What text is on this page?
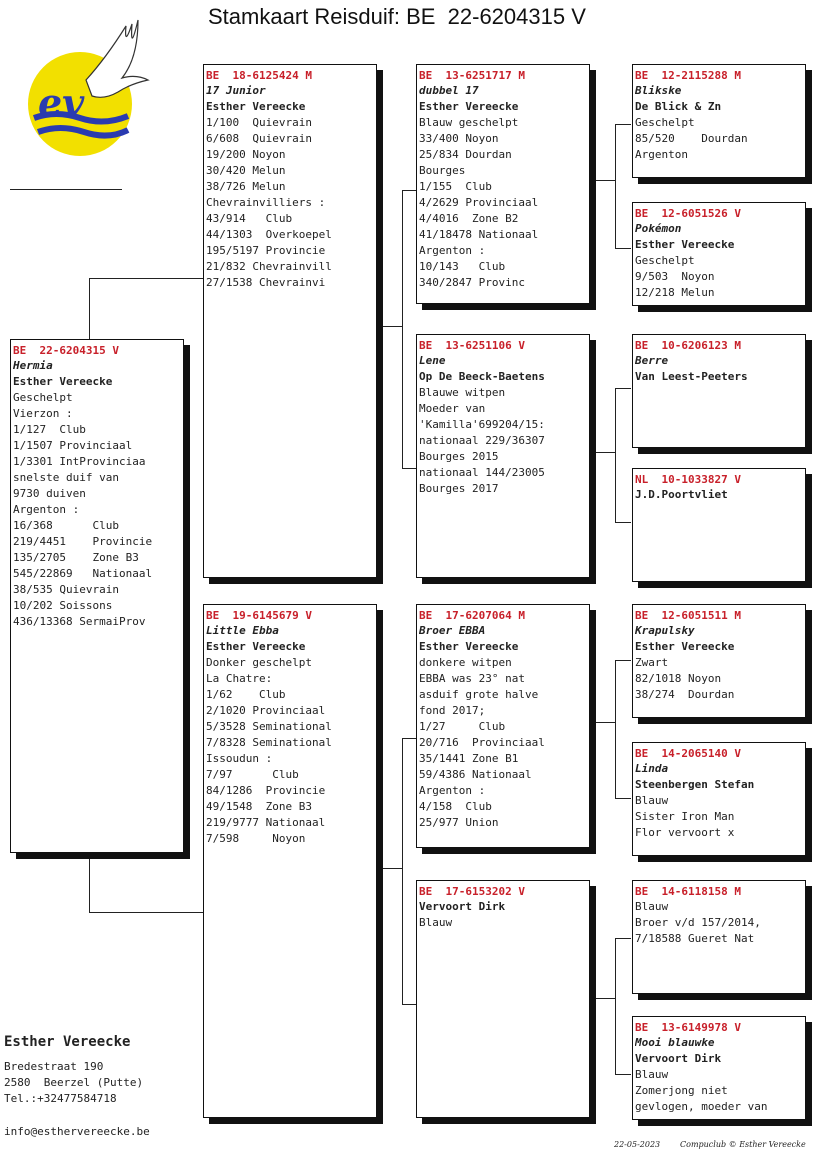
Stamkaart Reisduif: BE  22-6204315 V
ev
BE  22-6204315 V
Hermia
Esther Vereecke
Geschelpt
Vierzon :
1/127  Club
1/1507 Provinciaal
1/3301 IntProvinciaa
snelste duif van
9730 duiven
Argenton :
16/368      Club
219/4451    Provincie
135/2705    Zone B3
545/22869   Nationaal
38/535 Quievrain
10/202 Soissons
436/13368 SermaiProv
BE  18-6125424 M
17 Junior
Esther Vereecke
1/100  Quievrain
6/608  Quievrain
19/200 Noyon
30/420 Melun
38/726 Melun
Chevrainvilliers :
43/914   Club
44/1303  Overkoepel
195/5197 Provincie
21/832 Chevrainvill
27/1538 Chevrainvi
BE  19-6145679 V
Little Ebba
Esther Vereecke
Donker geschelpt
La Chatre:
1/62    Club
2/1020 Provinciaal
5/3528 Seminational
7/8328 Seminational
Issoudun :
7/97      Club
84/1286  Provincie
49/1548  Zone B3
219/9777 Nationaal
7/598     Noyon
BE  13-6251717 M
dubbel 17
Esther Vereecke
Blauw geschelpt
33/400 Noyon
25/834 Dourdan
Bourges
1/155  Club
4/2629 Provinciaal
4/4016  Zone B2
41/18478 Nationaal
Argenton :
10/143   Club
340/2847 Provinc
BE  13-6251106 V
Lene
Op De Beeck-Baetens
Blauwe witpen
Moeder van
'Kamilla'699204/15:
nationaal 229/36307
Bourges 2015
nationaal 144/23005
Bourges 2017
BE  17-6207064 M
Broer EBBA
Esther Vereecke
donkere witpen
EBBA was 23° nat
asduif grote halve
fond 2017;
1/27     Club
20/716  Provinciaal
35/1441 Zone B1
59/4386 Nationaal
Argenton :
4/158  Club
25/977 Union
BE  17-6153202 V
Vervoort Dirk
Blauw
BE  12-2115288 M
Blikske
De Blick & Zn
Geschelpt
85/520    Dourdan
Argenton
BE  12-6051526 V
Pokémon
Esther Vereecke
Geschelpt
9/503  Noyon
12/218 Melun
BE  10-6206123 M
Berre
Van Leest-Peeters
NL  10-1033827 V
J.D.Poortvliet
BE  12-6051511 M
Krapulsky
Esther Vereecke
Zwart
82/1018 Noyon
38/274  Dourdan
BE  14-2065140 V
Linda
Steenbergen Stefan
Blauw
Sister Iron Man
Flor vervoort x
BE  14-6118158 M
Blauw
Broer v/d 157/2014,
7/18588 Gueret Nat
BE  13-6149978 V
Mooi blauwke
Vervoort Dirk
Blauw
Zomerjong niet
gevlogen, moeder van
Esther Vereecke
Bredestraat 190
2580  Beerzel (Putte)
Tel.:+32477584718
info@esthervereecke.be
22-05-2023 Compuclub © Esther Vereecke
